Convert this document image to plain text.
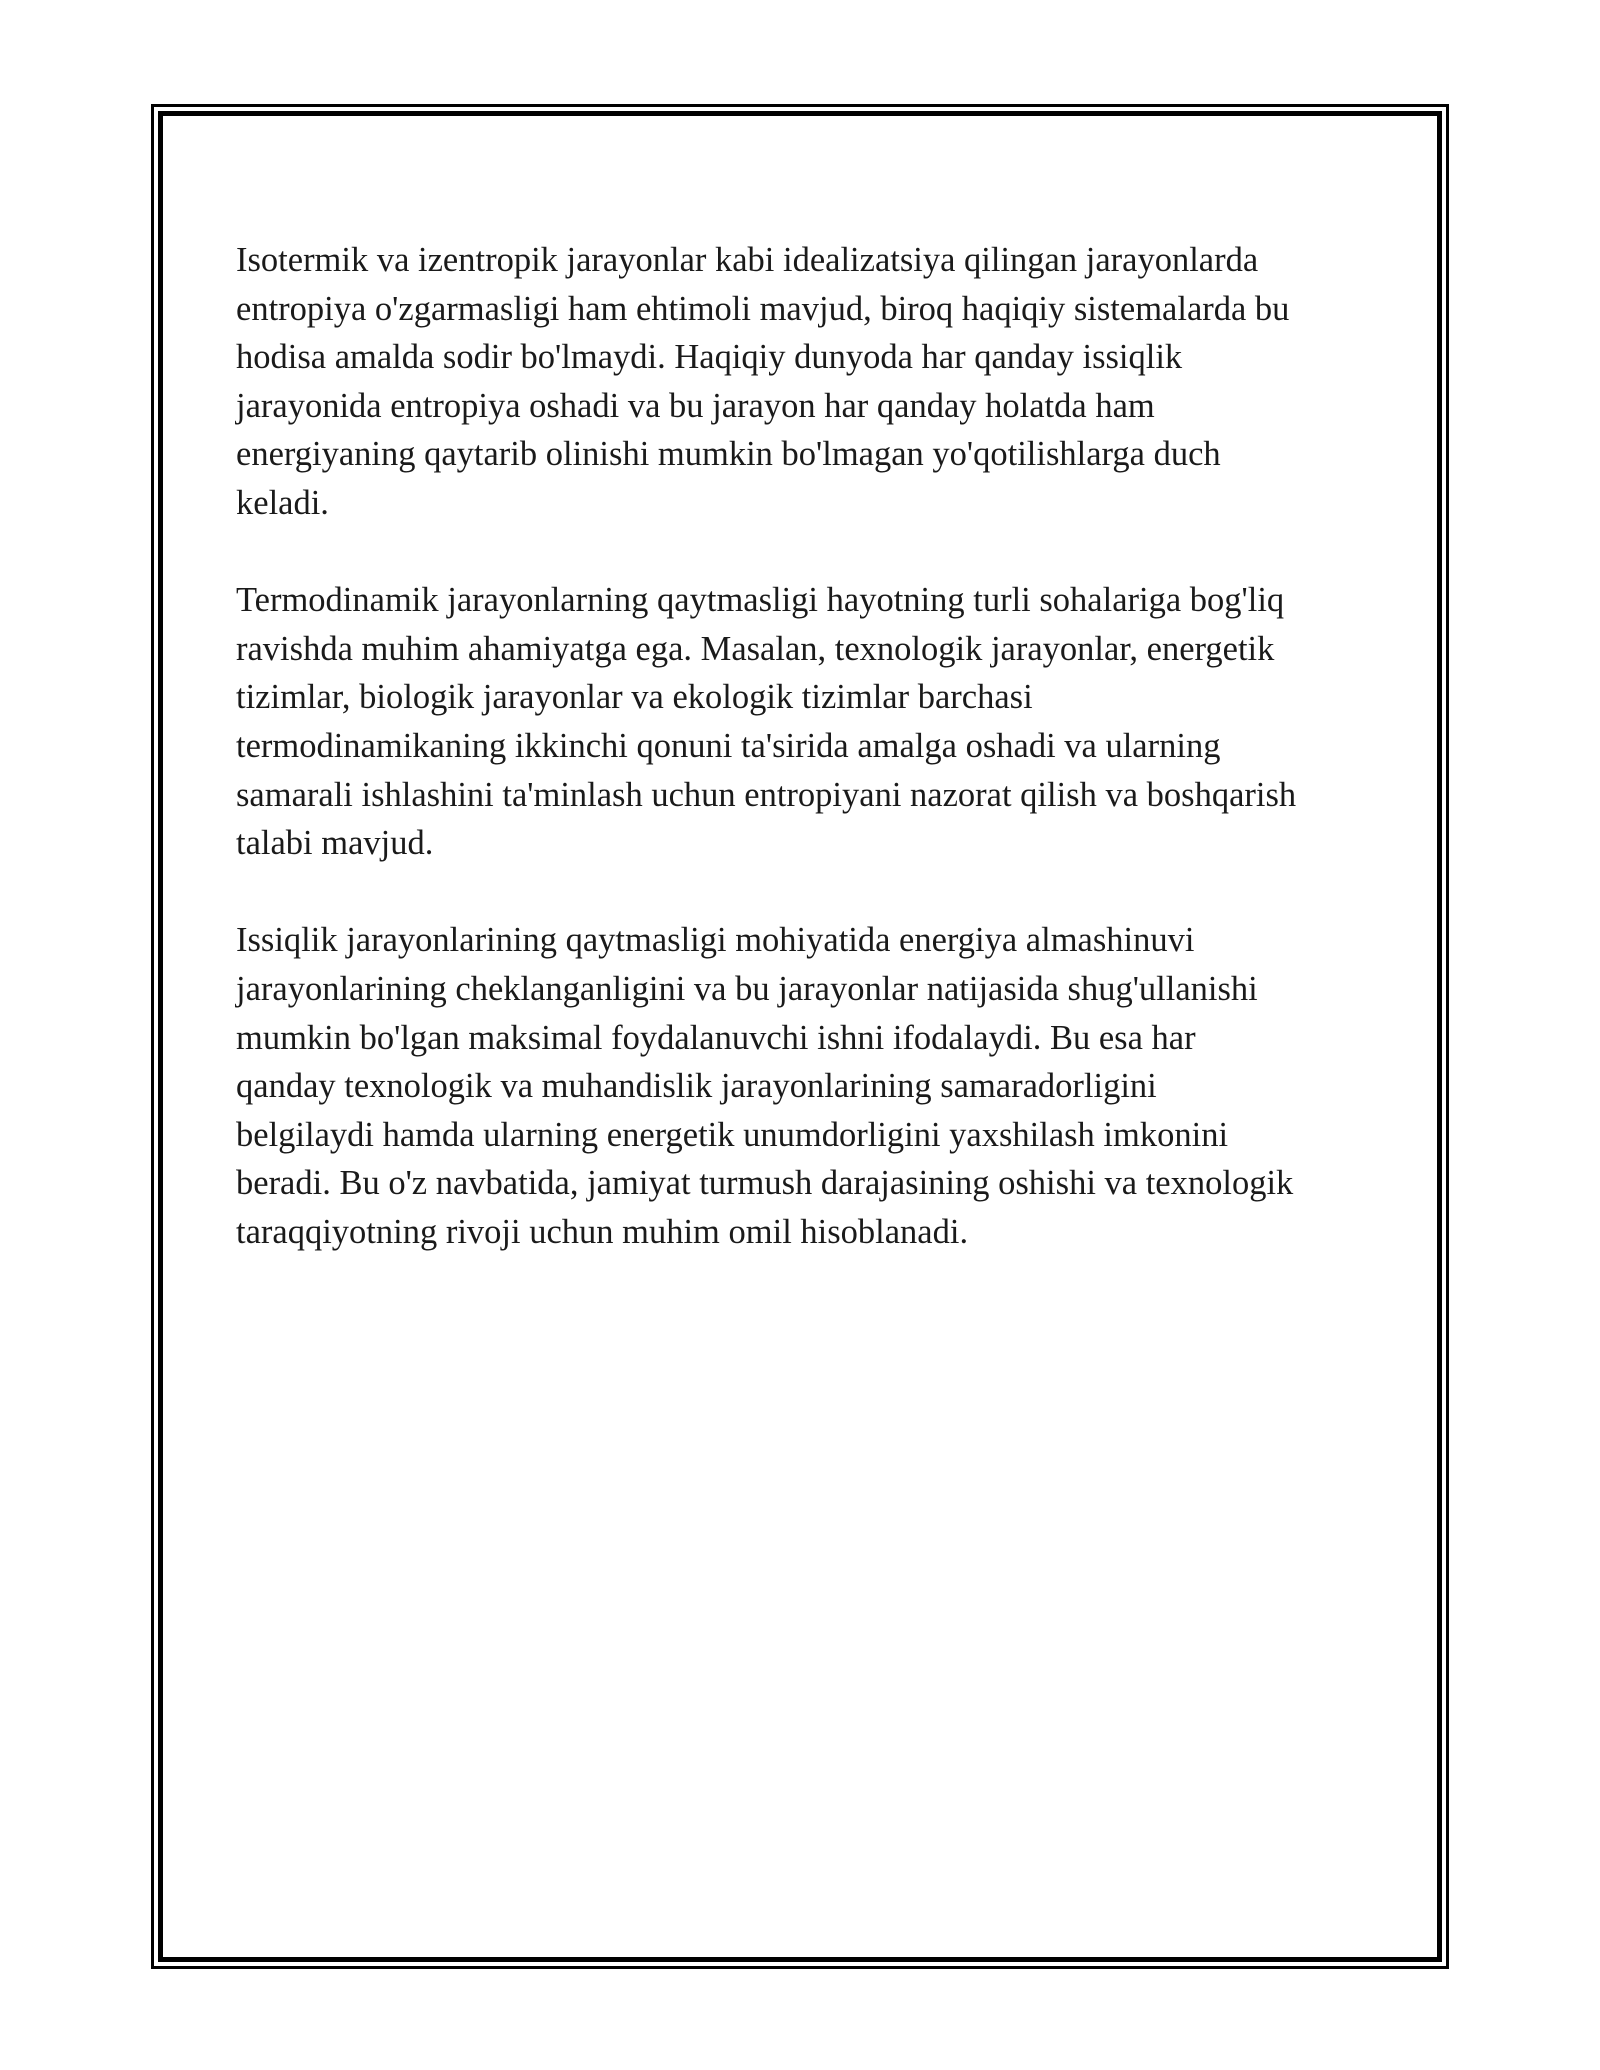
Isotermik va izentropik jarayonlar kabi idealizatsiya qilingan jarayonlarda
entropiya o'zgarmasligi ham ehtimoli mavjud, biroq haqiqiy sistemalarda bu
hodisa amalda sodir bo'lmaydi. Haqiqiy dunyoda har qanday issiqlik
jarayonida entropiya oshadi va bu jarayon har qanday holatda ham
energiyaning qaytarib olinishi mumkin bo'lmagan yo'qotilishlarga duch
keladi.

Termodinamik jarayonlarning qaytmasligi hayotning turli sohalariga bog'liq
ravishda muhim ahamiyatga ega. Masalan, texnologik jarayonlar, energetik
tizimlar, biologik jarayonlar va ekologik tizimlar barchasi
termodinamikaning ikkinchi qonuni ta'sirida amalga oshadi va ularning
samarali ishlashini ta'minlash uchun entropiyani nazorat qilish va boshqarish
talabi mavjud.

Issiqlik jarayonlarining qaytmasligi mohiyatida energiya almashinuvi
jarayonlarining cheklanganligini va bu jarayonlar natijasida shug'ullanishi
mumkin bo'lgan maksimal foydalanuvchi ishni ifodalaydi. Bu esa har
qanday texnologik va muhandislik jarayonlarining samaradorligini
belgilaydi hamda ularning energetik unumdorligini yaxshilash imkonini
beradi. Bu o'z navbatida, jamiyat turmush darajasining oshishi va texnologik
taraqqiyotning rivoji uchun muhim omil hisoblanadi.
